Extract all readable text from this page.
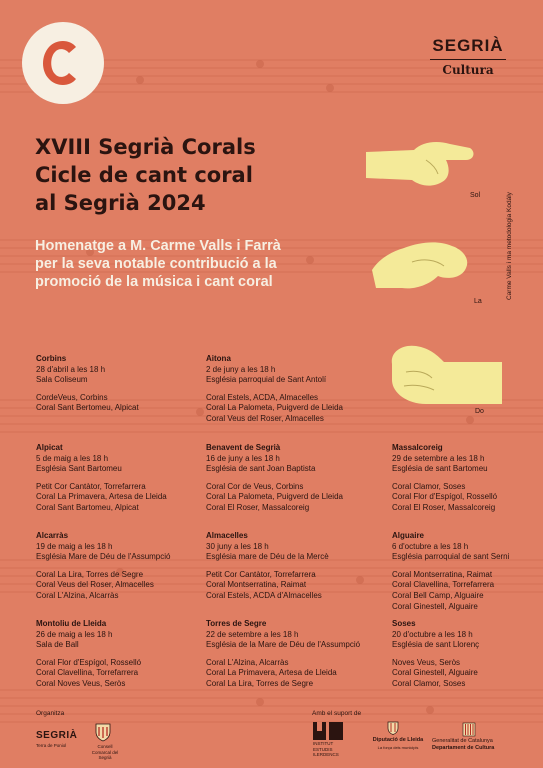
SEGRIÀ
Cultura
XVIII Segrià Corals
Cicle de cant coral
al Segrià 2024
Homenatge a M. Carme Valls i Farrà
per la seva notable contribució a la
promoció de la música i cant coral
Sol
La
Do
Carme Valls i ma metodologia Kodály
Corbins
28 d'abril a les 18 h
Sala Coliseum
CordeVeus, Corbins
Coral Sant Bertomeu, Alpicat
Aitona
2 de juny a les 18 h
Església parroquial de Sant Antolí
Coral Estels, ACDA, Almacelles
Coral La Palometa, Puigverd de Lleida
Coral Veus del Roser, Almacelles
Alpicat
5 de maig a les 18 h
Església Sant Bartomeu
Petit Cor Cantàtor, Torrefarrera
Coral La Primavera, Artesa de Lleida
Coral Sant Bartomeu, Alpicat
Benavent de Segrià
16 de juny a les 18 h
Església de sant Joan Baptista
Coral Cor de Veus, Corbins
Coral La Palometa, Puigverd de Lleida
Coral El Roser, Massalcoreig
Massalcoreig
29 de setembre a les 18 h
Església de sant Bartomeu
Coral Clamor, Soses
Coral Flor d'Espígol, Rosselló
Coral El Roser, Massalcoreig
Alcarràs
19 de maig a les 18 h
Església Mare de Déu de l'Assumpció
Coral La Lira, Torres de Segre
Coral Veus del Roser, Almacelles
Coral L'Alzina, Alcarràs
Almacelles
30 juny a les 18 h
Església mare de Déu de la Mercè
Petit Cor Cantàtor, Torrefarrera
Coral Montserratina, Raimat
Coral Estels, ACDA d'Almacelles
Alguaire
6 d'octubre a les 18 h
Església parroquial de sant Serni
Coral Montserratina, Raimat
Coral Clavellina, Torrefarrera
Coral Bell Camp, Alguaire
Coral Ginestell, Alguaire
Montoliu de Lleida
26 de maig a les 18 h
Sala de Ball
Coral Flor d'Espígol, Rosselló
Coral Clavellina, Torrefarrera
Coral Noves Veus, Seròs
Torres de Segre
22 de setembre a les 18 h
Església de la Mare de Déu de l'Assumpció
Coral L'Alzina, Alcarràs
Coral La Primavera, Artesa de Lleida
Coral La Lira, Torres de Segre
Soses
20 d'octubre a les 18 h
Església de sant Llorenç
Noves Veus, Seròs
Coral Ginestell, Alguaire
Coral Clamor, Soses
Organitza	Amb el suport de
SEGRIÀ
Terra de Poniol	Consell Comarcal del Segrià
INSTITUT
ESTUDIS
ILERDENCS
Diputació de Lleida
La força dels municipis
Generalitat de Catalunya
Departament de Cultura
